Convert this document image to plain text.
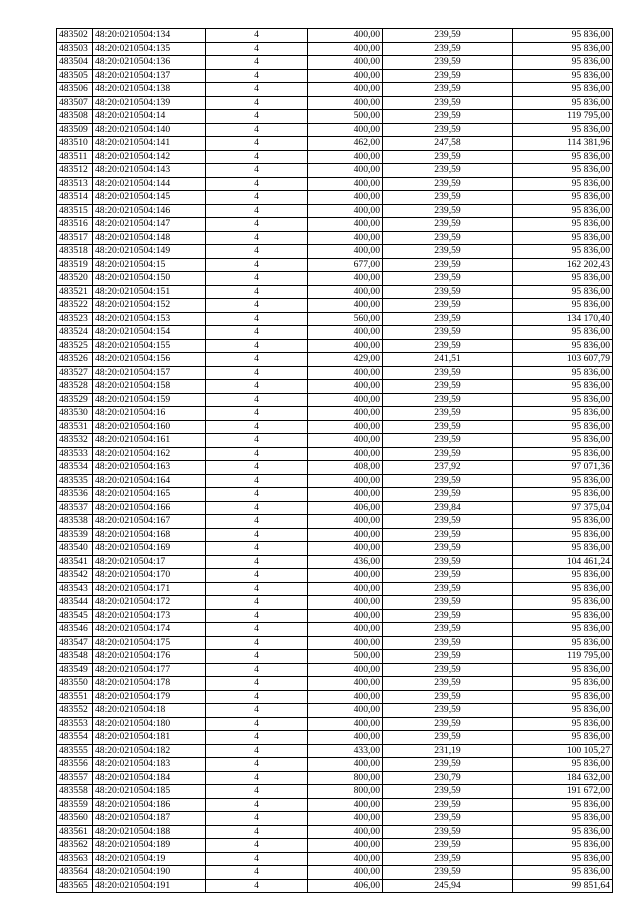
483502	48:20:0210504:134	4	400,00	239,59	95 836,00
483503	48:20:0210504:135	4	400,00	239,59	95 836,00
483504	48:20:0210504:136	4	400,00	239,59	95 836,00
483505	48:20:0210504:137	4	400,00	239,59	95 836,00
483506	48:20:0210504:138	4	400,00	239,59	95 836,00
483507	48:20:0210504:139	4	400,00	239,59	95 836,00
483508	48:20:0210504:14	4	500,00	239,59	119 795,00
483509	48:20:0210504:140	4	400,00	239,59	95 836,00
483510	48:20:0210504:141	4	462,00	247,58	114 381,96
483511	48:20:0210504:142	4	400,00	239,59	95 836,00
483512	48:20:0210504:143	4	400,00	239,59	95 836,00
483513	48:20:0210504:144	4	400,00	239,59	95 836,00
483514	48:20:0210504:145	4	400,00	239,59	95 836,00
483515	48:20:0210504:146	4	400,00	239,59	95 836,00
483516	48:20:0210504:147	4	400,00	239,59	95 836,00
483517	48:20:0210504:148	4	400,00	239,59	95 836,00
483518	48:20:0210504:149	4	400,00	239,59	95 836,00
483519	48:20:0210504:15	4	677,00	239,59	162 202,43
483520	48:20:0210504:150	4	400,00	239,59	95 836,00
483521	48:20:0210504:151	4	400,00	239,59	95 836,00
483522	48:20:0210504:152	4	400,00	239,59	95 836,00
483523	48:20:0210504:153	4	560,00	239,59	134 170,40
483524	48:20:0210504:154	4	400,00	239,59	95 836,00
483525	48:20:0210504:155	4	400,00	239,59	95 836,00
483526	48:20:0210504:156	4	429,00	241,51	103 607,79
483527	48:20:0210504:157	4	400,00	239,59	95 836,00
483528	48:20:0210504:158	4	400,00	239,59	95 836,00
483529	48:20:0210504:159	4	400,00	239,59	95 836,00
483530	48:20:0210504:16	4	400,00	239,59	95 836,00
483531	48:20:0210504:160	4	400,00	239,59	95 836,00
483532	48:20:0210504:161	4	400,00	239,59	95 836,00
483533	48:20:0210504:162	4	400,00	239,59	95 836,00
483534	48:20:0210504:163	4	408,00	237,92	97 071,36
483535	48:20:0210504:164	4	400,00	239,59	95 836,00
483536	48:20:0210504:165	4	400,00	239,59	95 836,00
483537	48:20:0210504:166	4	406,00	239,84	97 375,04
483538	48:20:0210504:167	4	400,00	239,59	95 836,00
483539	48:20:0210504:168	4	400,00	239,59	95 836,00
483540	48:20:0210504:169	4	400,00	239,59	95 836,00
483541	48:20:0210504:17	4	436,00	239,59	104 461,24
483542	48:20:0210504:170	4	400,00	239,59	95 836,00
483543	48:20:0210504:171	4	400,00	239,59	95 836,00
483544	48:20:0210504:172	4	400,00	239,59	95 836,00
483545	48:20:0210504:173	4	400,00	239,59	95 836,00
483546	48:20:0210504:174	4	400,00	239,59	95 836,00
483547	48:20:0210504:175	4	400,00	239,59	95 836,00
483548	48:20:0210504:176	4	500,00	239,59	119 795,00
483549	48:20:0210504:177	4	400,00	239,59	95 836,00
483550	48:20:0210504:178	4	400,00	239,59	95 836,00
483551	48:20:0210504:179	4	400,00	239,59	95 836,00
483552	48:20:0210504:18	4	400,00	239,59	95 836,00
483553	48:20:0210504:180	4	400,00	239,59	95 836,00
483554	48:20:0210504:181	4	400,00	239,59	95 836,00
483555	48:20:0210504:182	4	433,00	231,19	100 105,27
483556	48:20:0210504:183	4	400,00	239,59	95 836,00
483557	48:20:0210504:184	4	800,00	230,79	184 632,00
483558	48:20:0210504:185	4	800,00	239,59	191 672,00
483559	48:20:0210504:186	4	400,00	239,59	95 836,00
483560	48:20:0210504:187	4	400,00	239,59	95 836,00
483561	48:20:0210504:188	4	400,00	239,59	95 836,00
483562	48:20:0210504:189	4	400,00	239,59	95 836,00
483563	48:20:0210504:19	4	400,00	239,59	95 836,00
483564	48:20:0210504:190	4	400,00	239,59	95 836,00
483565	48:20:0210504:191	4	406,00	245,94	99 851,64
